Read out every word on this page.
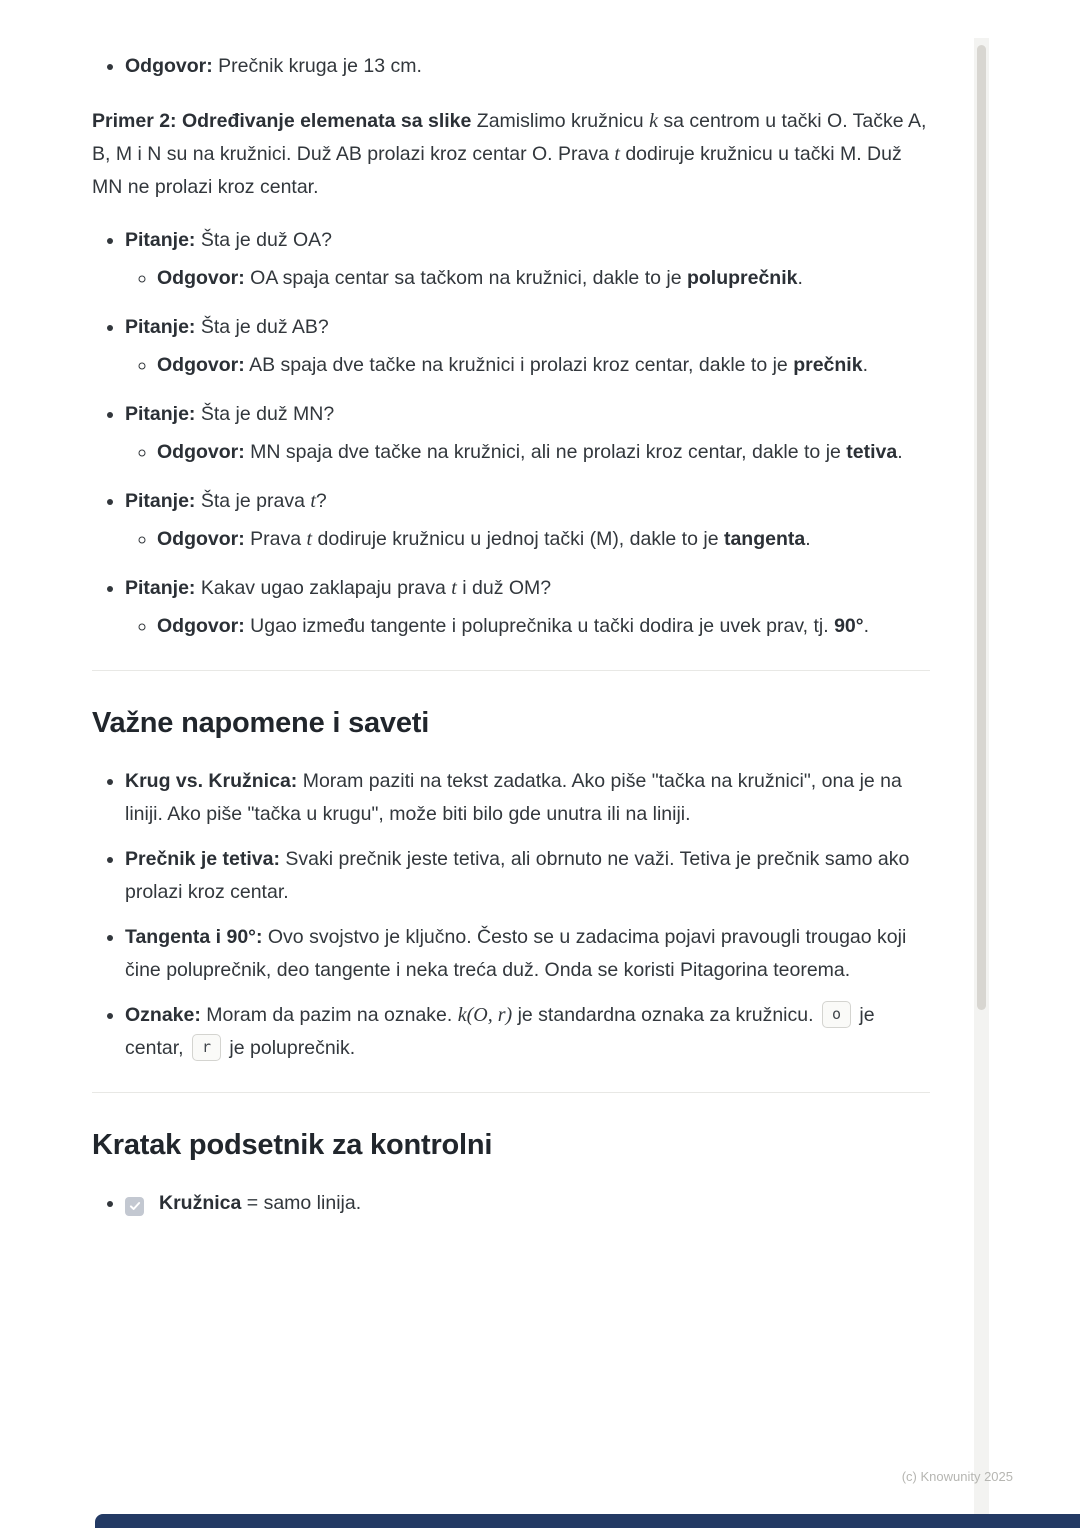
• Odgovor: Prečnik kruga je 13 cm.

Primer 2: Određivanje elemenata sa slike Zamislimo kružnicu k sa centrom u tački O. Tačke A, B, M i N su na kružnici. Duž AB prolazi kroz centar O. Prava t dodiruje kružnicu u tački M. Duž MN ne prolazi kroz centar.

• Pitanje: Šta je duž OA?
◦ Odgovor: OA spaja centar sa tačkom na kružnici, dakle to je poluprečnik.
• Pitanje: Šta je duž AB?
◦ Odgovor: AB spaja dve tačke na kružnici i prolazi kroz centar, dakle to je prečnik.
• Pitanje: Šta je duž MN?
◦ Odgovor: MN spaja dve tačke na kružnici, ali ne prolazi kroz centar, dakle to je tetiva.
• Pitanje: Šta je prava t?
◦ Odgovor: Prava t dodiruje kružnicu u jednoj tački (M), dakle to je tangenta.
• Pitanje: Kakav ugao zaklapaju prava t i duž OM?
◦ Odgovor: Ugao između tangente i poluprečnika u tački dodira je uvek prav, tj. 90°.
Važne napomene i saveti
• Krug vs. Kružnica: Moram paziti na tekst zadatka. Ako piše "tačka na kružnici", ona je na liniji. Ako piše "tačka u krugu", može biti bilo gde unutra ili na liniji.
• Prečnik je tetiva: Svaki prečnik jeste tetiva, ali obrnuto ne važi. Tetiva je prečnik samo ako prolazi kroz centar.
• Tangenta i 90°: Ovo svojstvo je ključno. Često se u zadacima pojavi pravougli trougao koji čine poluprečnik, deo tangente i neka treća duž. Onda se koristi Pitagorina teorema.
• Oznake: Moram da pazim na oznake. k(O, r) je standardna oznaka za kružnicu. o je centar, r je poluprečnik.
Kratak podsetnik za kontrolni
• Kružnica = samo linija.
(c) Knowunity 2025
